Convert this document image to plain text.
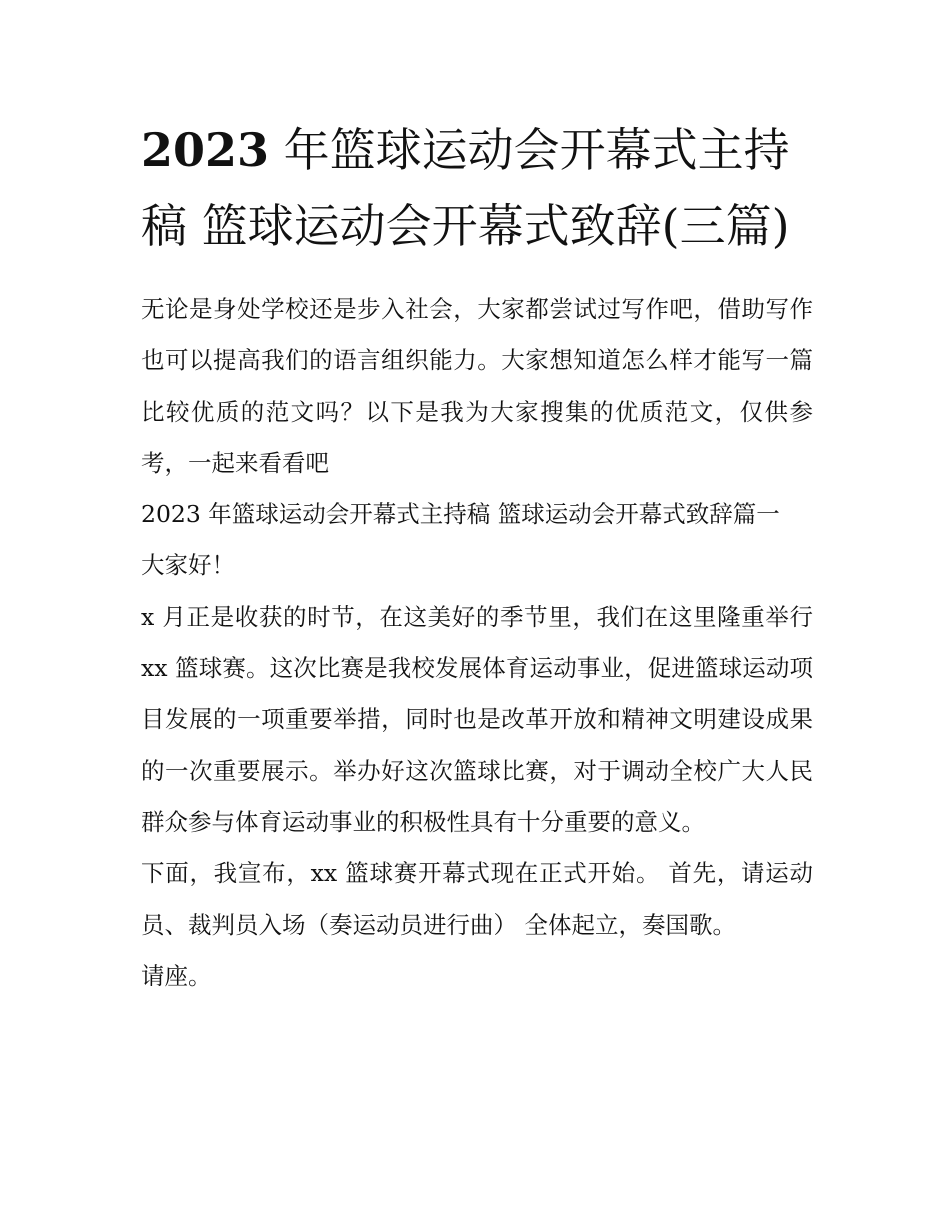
2023 年篮球运动会开幕式主持稿 篮球运动会开幕式致辞(三篇)

无论是身处学校还是步入社会，大家都尝试过写作吧，借助写作也可以提高我们的语言组织能力。大家想知道怎么样才能写一篇比较优质的范文吗？以下是我为大家搜集的优质范文，仅供参考，一起来看看吧

2023 年篮球运动会开幕式主持稿 篮球运动会开幕式致辞篇一

大家好！

x 月正是收获的时节，在这美好的季节里，我们在这里隆重举行 xx 篮球赛。这次比赛是我校发展体育运动事业，促进篮球运动项目发展的一项重要举措，同时也是改革开放和精神文明建设成果的一次重要展示。举办好这次篮球比赛，对于调动全校广大人民群众参与体育运动事业的积极性具有十分重要的意义。

下面，我宣布，xx 篮球赛开幕式现在正式开始。 首先，请运动员、裁判员入场（奏运动员进行曲） 全体起立，奏国歌。

请座。
